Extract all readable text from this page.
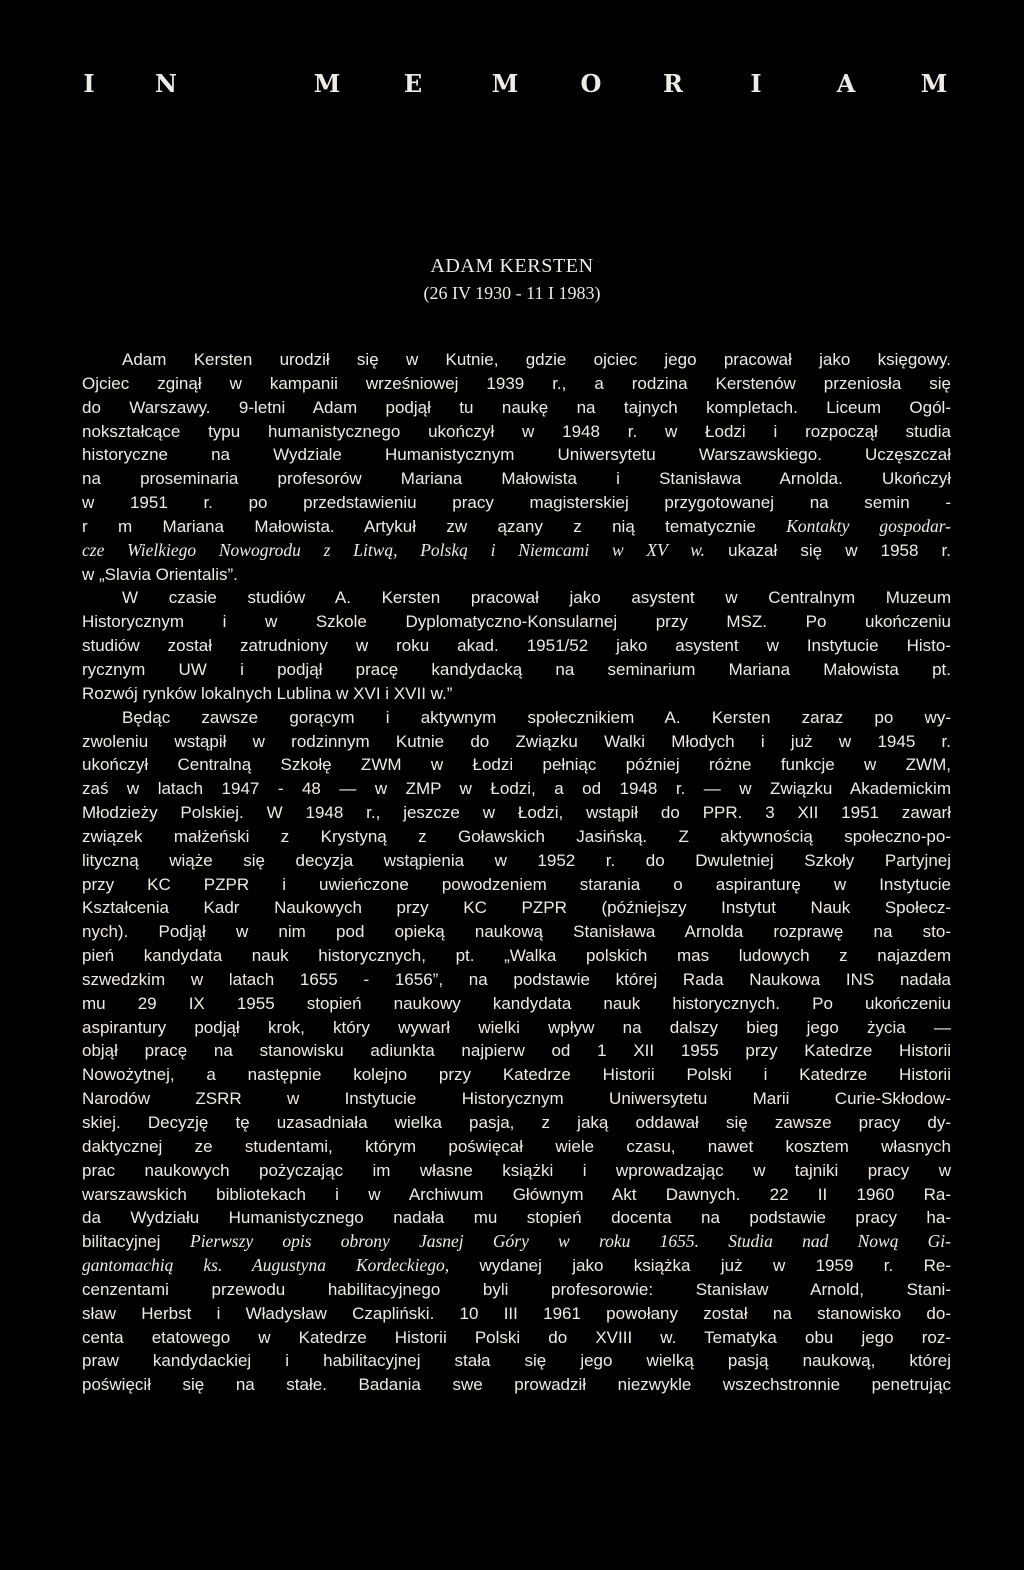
I	N	M	E	M	O	R	I	A	M
ADAM KERSTEN
(26 IV 1930 - 11 I 1983)
Adam Kersten urodził się w Kutnie, gdzie ojciec jego pracował jako księgowy.
Ojciec zginął w kampanii wrześniowej 1939 r., a rodzina Kerstenów przeniosła się
do Warszawy. 9-letni Adam podjął tu naukę na tajnych kompletach. Liceum Ogól-
nokształcące typu humanistycznego ukończył w 1948 r. w Łodzi i rozpoczął studia
historyczne na Wydziale Humanistycznym Uniwersytetu Warszawskiego. Uczęszczał
na proseminaria profesorów Mariana Małowista i Stanisława Arnolda. Ukończył
w 1951 r. po przedstawieniu pracy magisterskiej przygotowanej na semin -
r m Mariana Małowista. Artykuł zw ązany z nią tematycznie Kontakty gospodar-
cze Wielkiego Nowogrodu z Litwą, Polską i Niemcami w XV w. ukazał się w 1958 r.
w „Slavia Orientalis”.
W czasie studiów A. Kersten pracował jako asystent w Centralnym Muzeum
Historycznym i w Szkole Dyplomatyczno-Konsularnej przy MSZ. Po ukończeniu
studiów został zatrudniony w roku akad. 1951/52 jako asystent w Instytucie Histo-
rycznym UW i podjął pracę kandydacką na seminarium Mariana Małowista pt.
Rozwój rynków lokalnych Lublina w XVI i XVII w.”
Będąc zawsze gorącym i aktywnym społecznikiem A. Kersten zaraz po wy-
zwoleniu wstąpił w rodzinnym Kutnie do Związku Walki Młodych i już w 1945 r.
ukończył Centralną Szkołę ZWM w Łodzi pełniąc później różne funkcje w ZWM,
zaś w latach 1947 - 48 — w ZMP w Łodzi, a od 1948 r. — w Związku Akademickim
Młodzieży Polskiej. W 1948 r., jeszcze w Łodzi, wstąpił do PPR. 3 XII 1951 zawarł
związek małżeński z Krystyną z Goławskich Jasińską. Z aktywnością społeczno-po-
lityczną wiąże się decyzja wstąpienia w 1952 r. do Dwuletniej Szkoły Partyjnej
przy KC PZPR i uwieńczone powodzeniem starania o aspiranturę w Instytucie
Kształcenia Kadr Naukowych przy KC PZPR (późniejszy Instytut Nauk Społecz-
nych). Podjął w nim pod opieką naukową Stanisława Arnolda rozprawę na sto-
pień kandydata nauk historycznych, pt. „Walka polskich mas ludowych z najazdem
szwedzkim w latach 1655 - 1656”, na podstawie której Rada Naukowa INS nadała
mu 29 IX 1955 stopień naukowy kandydata nauk historycznych. Po ukończeniu
aspirantury podjął krok, który wywarł wielki wpływ na dalszy bieg jego życia —
objął pracę na stanowisku adiunkta najpierw od 1 XII 1955 przy Katedrze Historii
Nowożytnej, a następnie kolejno przy Katedrze Historii Polski i Katedrze Historii
Narodów ZSRR w Instytucie Historycznym Uniwersytetu Marii Curie-Skłodow-
skiej. Decyzję tę uzasadniała wielka pasja, z jaką oddawał się zawsze pracy dy-
daktycznej ze studentami, którym poświęcał wiele czasu, nawet kosztem własnych
prac naukowych pożyczając im własne książki i wprowadzając w tajniki pracy w
warszawskich bibliotekach i w Archiwum Głównym Akt Dawnych. 22 II 1960 Ra-
da Wydziału Humanistycznego nadała mu stopień docenta na podstawie pracy ha-
bilitacyjnej Pierwszy opis obrony Jasnej Góry w roku 1655. Studia nad Nową Gi-
gantomachią ks. Augustyna Kordeckiego, wydanej jako książka już w 1959 r. Re-
cenzentami przewodu habilitacyjnego byli profesorowie: Stanisław Arnold, Stani-
sław Herbst i Władysław Czapliński. 10 III 1961 powołany został na stanowisko do-
centa etatowego w Katedrze Historii Polski do XVIII w. Tematyka obu jego roz-
praw kandydackiej i habilitacyjnej stała się jego wielką pasją naukową, której
poświęcił się na stałe. Badania swe prowadził niezwykle wszechstronnie penetrując
